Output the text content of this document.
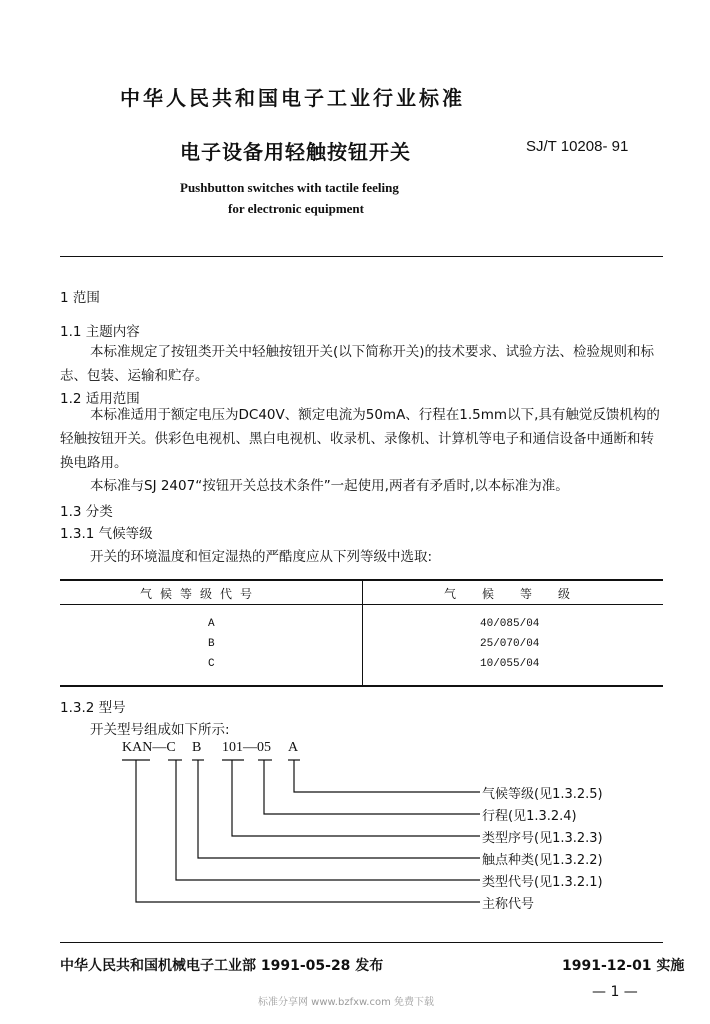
中华人民共和国电子工业行业标准
电子设备用轻触按钮开关	SJ/T 10208- 91
Pushbutton switches with tactile feeling
for electronic equipment
1 范围
1.1 主题内容
本标准规定了按钮类开关中轻触按钮开关(以下简称开关)的技术要求、试验方法、检验规则和标志、包装、运输和贮存。
1.2 适用范围
本标准适用于额定电压为DC40V、额定电流为50mA、行程在1.5mm以下,具有触觉反馈机构的轻触按钮开关。供彩色电视机、黑白电视机、收录机、录像机、计算机等电子和通信设备中通断和转换电路用。
本标准与SJ 2407“按钮开关总技术条件”一起使用,两者有矛盾时,以本标准为准。
1.3 分类
1.3.1 气候等级
开关的环境温度和恒定湿热的严酷度应从下列等级中选取:
气候等级代号	气候等级
A	40/085/04
B	25/070/04
C	10/055/04
1.3.2 型号
开关型号组成如下所示:
KAN—C B 101—05 A
气候等级(见1.3.2.5)
行程(见1.3.2.4)
类型序号(见1.3.2.3)
触点种类(见1.3.2.2)
类型代号(见1.3.2.1)
主称代号
中华人民共和国机械电子工业部 1991-05-28 发布	1991-12-01 实施
标准分享网 www.bzfxw.com 免费下载
— 1 —
